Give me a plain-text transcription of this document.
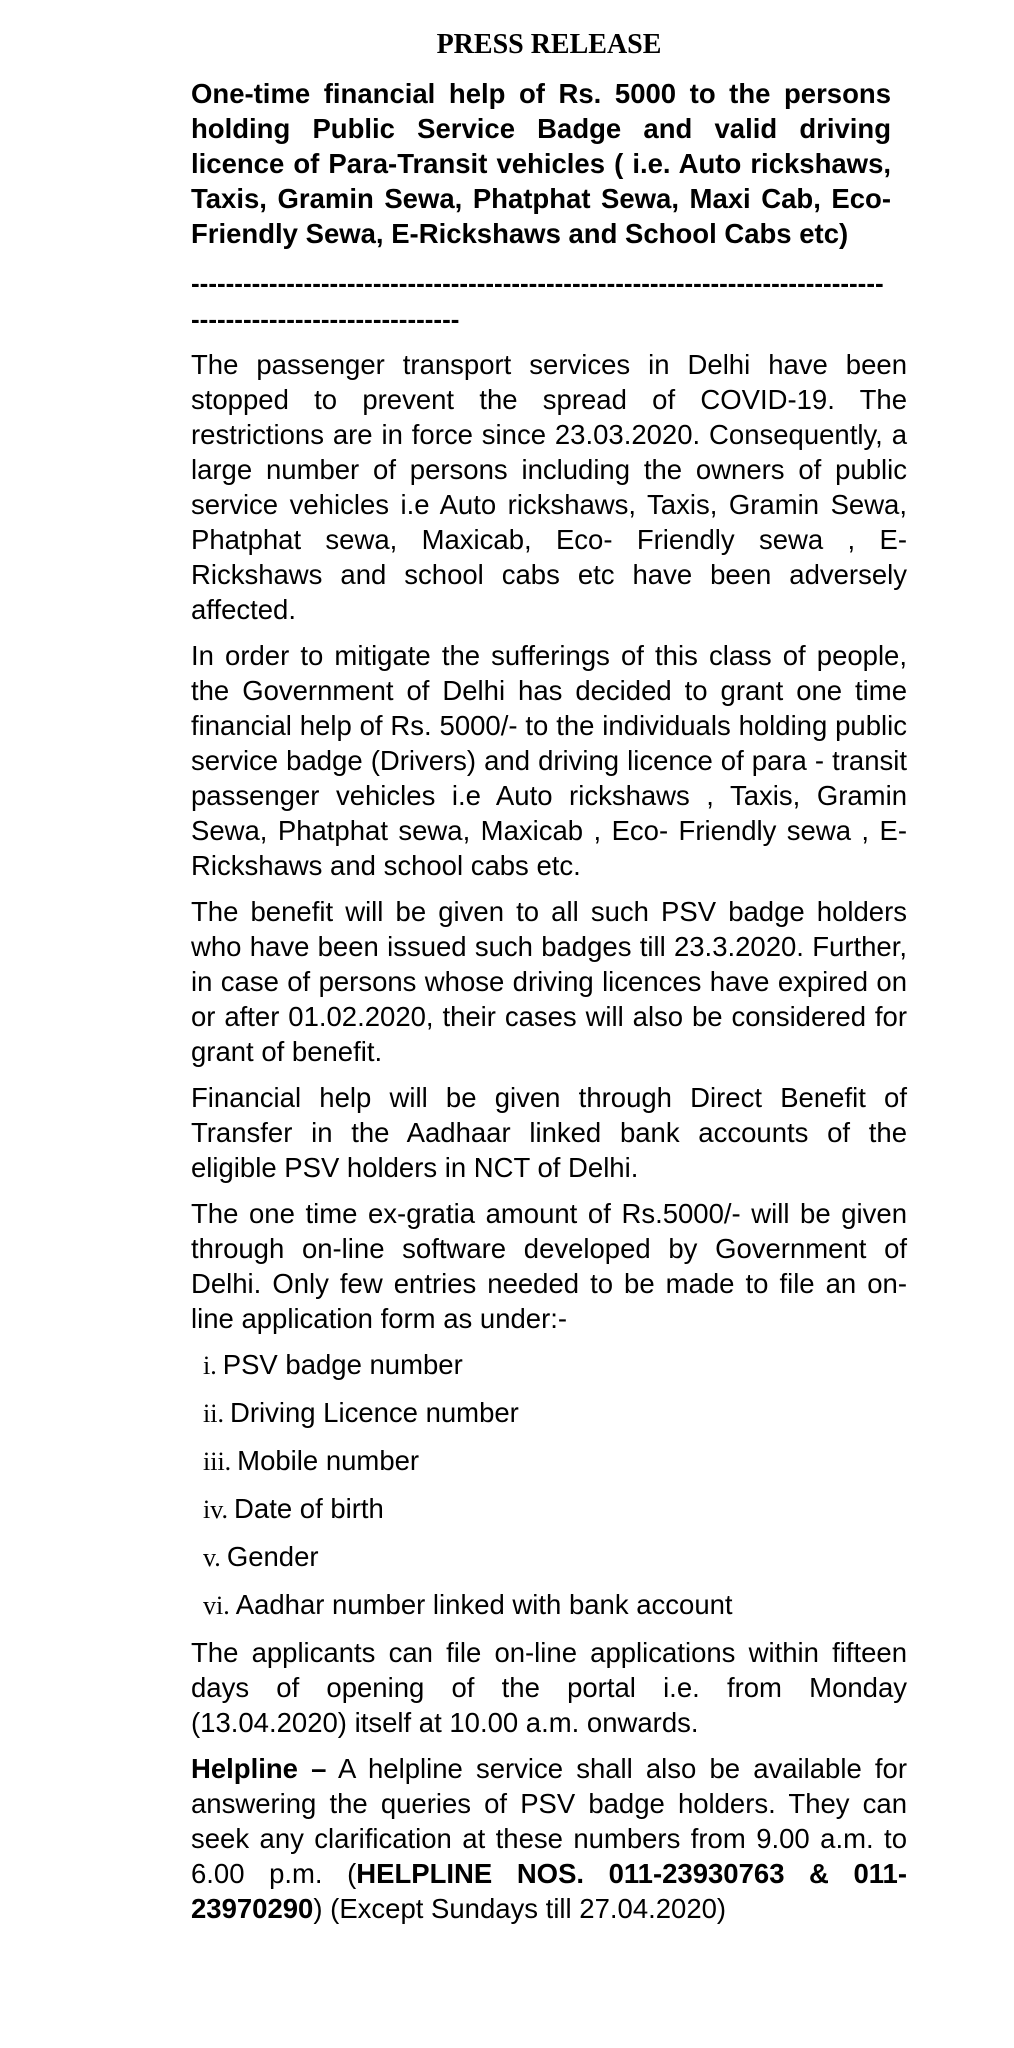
PRESS RELEASE

One-time financial help of Rs. 5000 to the persons holding Public Service Badge and valid driving licence of Para-Transit vehicles ( i.e. Auto rickshaws, Taxis, Gramin Sewa, Phatphat Sewa, Maxi Cab, Eco-Friendly Sewa, E-Rickshaws and School Cabs etc)

---------------------------------------------------------------------------------------------------------------

The passenger transport services in Delhi have been stopped to prevent the spread of COVID-19. The restrictions are in force since 23.03.2020. Consequently, a large number of persons including the owners of public service vehicles i.e Auto rickshaws, Taxis, Gramin Sewa, Phatphat sewa, Maxicab, Eco- Friendly sewa , E-Rickshaws and school cabs etc have been adversely affected.

In order to mitigate the sufferings of this class of people, the Government of Delhi has decided to grant one time financial help of Rs. 5000/- to the individuals holding public service badge (Drivers) and driving licence of para - transit passenger vehicles i.e Auto rickshaws , Taxis, Gramin Sewa, Phatphat sewa, Maxicab , Eco- Friendly sewa , E-Rickshaws and school cabs etc.

The benefit will be given to all such PSV badge holders who have been issued such badges till 23.3.2020. Further, in case of persons whose driving licences have expired on or after 01.02.2020, their cases will also be considered for grant of benefit.

Financial help will be given through Direct Benefit of Transfer in the Aadhaar linked bank accounts of the eligible PSV holders in NCT of Delhi.

The one time ex-gratia amount of Rs.5000/- will be given through on-line software developed by Government of Delhi. Only few entries needed to be made to file an on-line application form as under:-

i. PSV badge number
ii. Driving Licence number
iii. Mobile number
iv. Date of birth
v. Gender
vi. Aadhar number linked with bank account

The applicants can file on-line applications within fifteen days of opening of the portal i.e. from Monday (13.04.2020) itself at 10.00 a.m. onwards.

Helpline – A helpline service shall also be available for answering the queries of PSV badge holders. They can seek any clarification at these numbers from 9.00 a.m. to 6.00 p.m. (HELPLINE NOS. 011-23930763 & 011-23970290) (Except Sundays till 27.04.2020)
